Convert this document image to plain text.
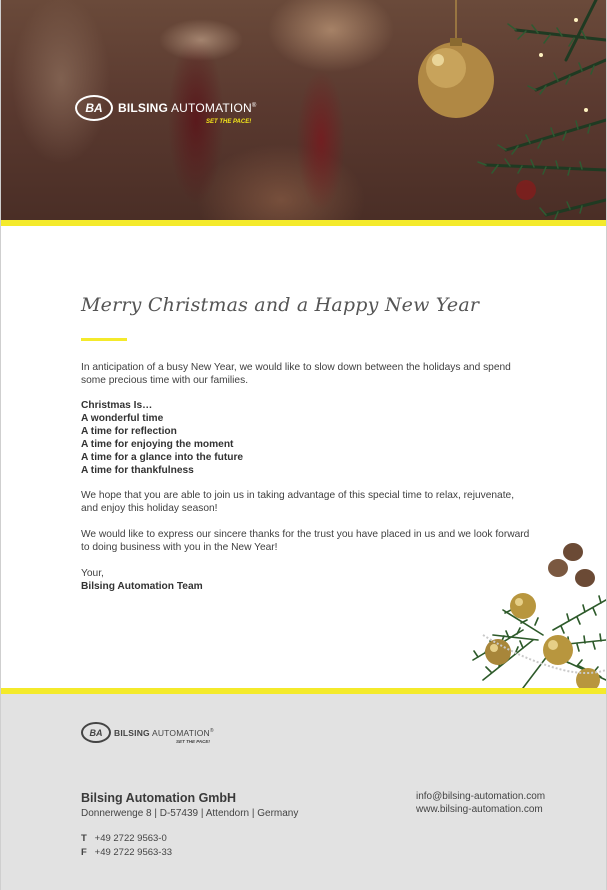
BA	BILSING AUTOMATION®
SET THE PACE!
Merry Christmas and a Happy New Year

In anticipation of a busy New Year, we would like to slow down between the holidays and spend some precious time with our families.

Christmas Is…

A wonderful time

A time for reflection

A time for enjoying the moment

A time for a glance into the future

A time for thankfulness

We hope that you are able to join us in taking advantage of this special time to relax, rejuvenate, and enjoy this holiday season!

We would like to express our sincere thanks for the trust you have placed in us and we look forward to doing business with you in the New Year!

Your,

Bilsing Automation Team

BA	BILSING AUTOMATION®
SET THE PACE!
Bilsing Automation GmbH
Donnerwenge 8 | D-57439 | Attendorn | Germany
T +49 2722 9563-0
F +49 2722 9563-33
info@bilsing-automation.com
www.bilsing-automation.com
